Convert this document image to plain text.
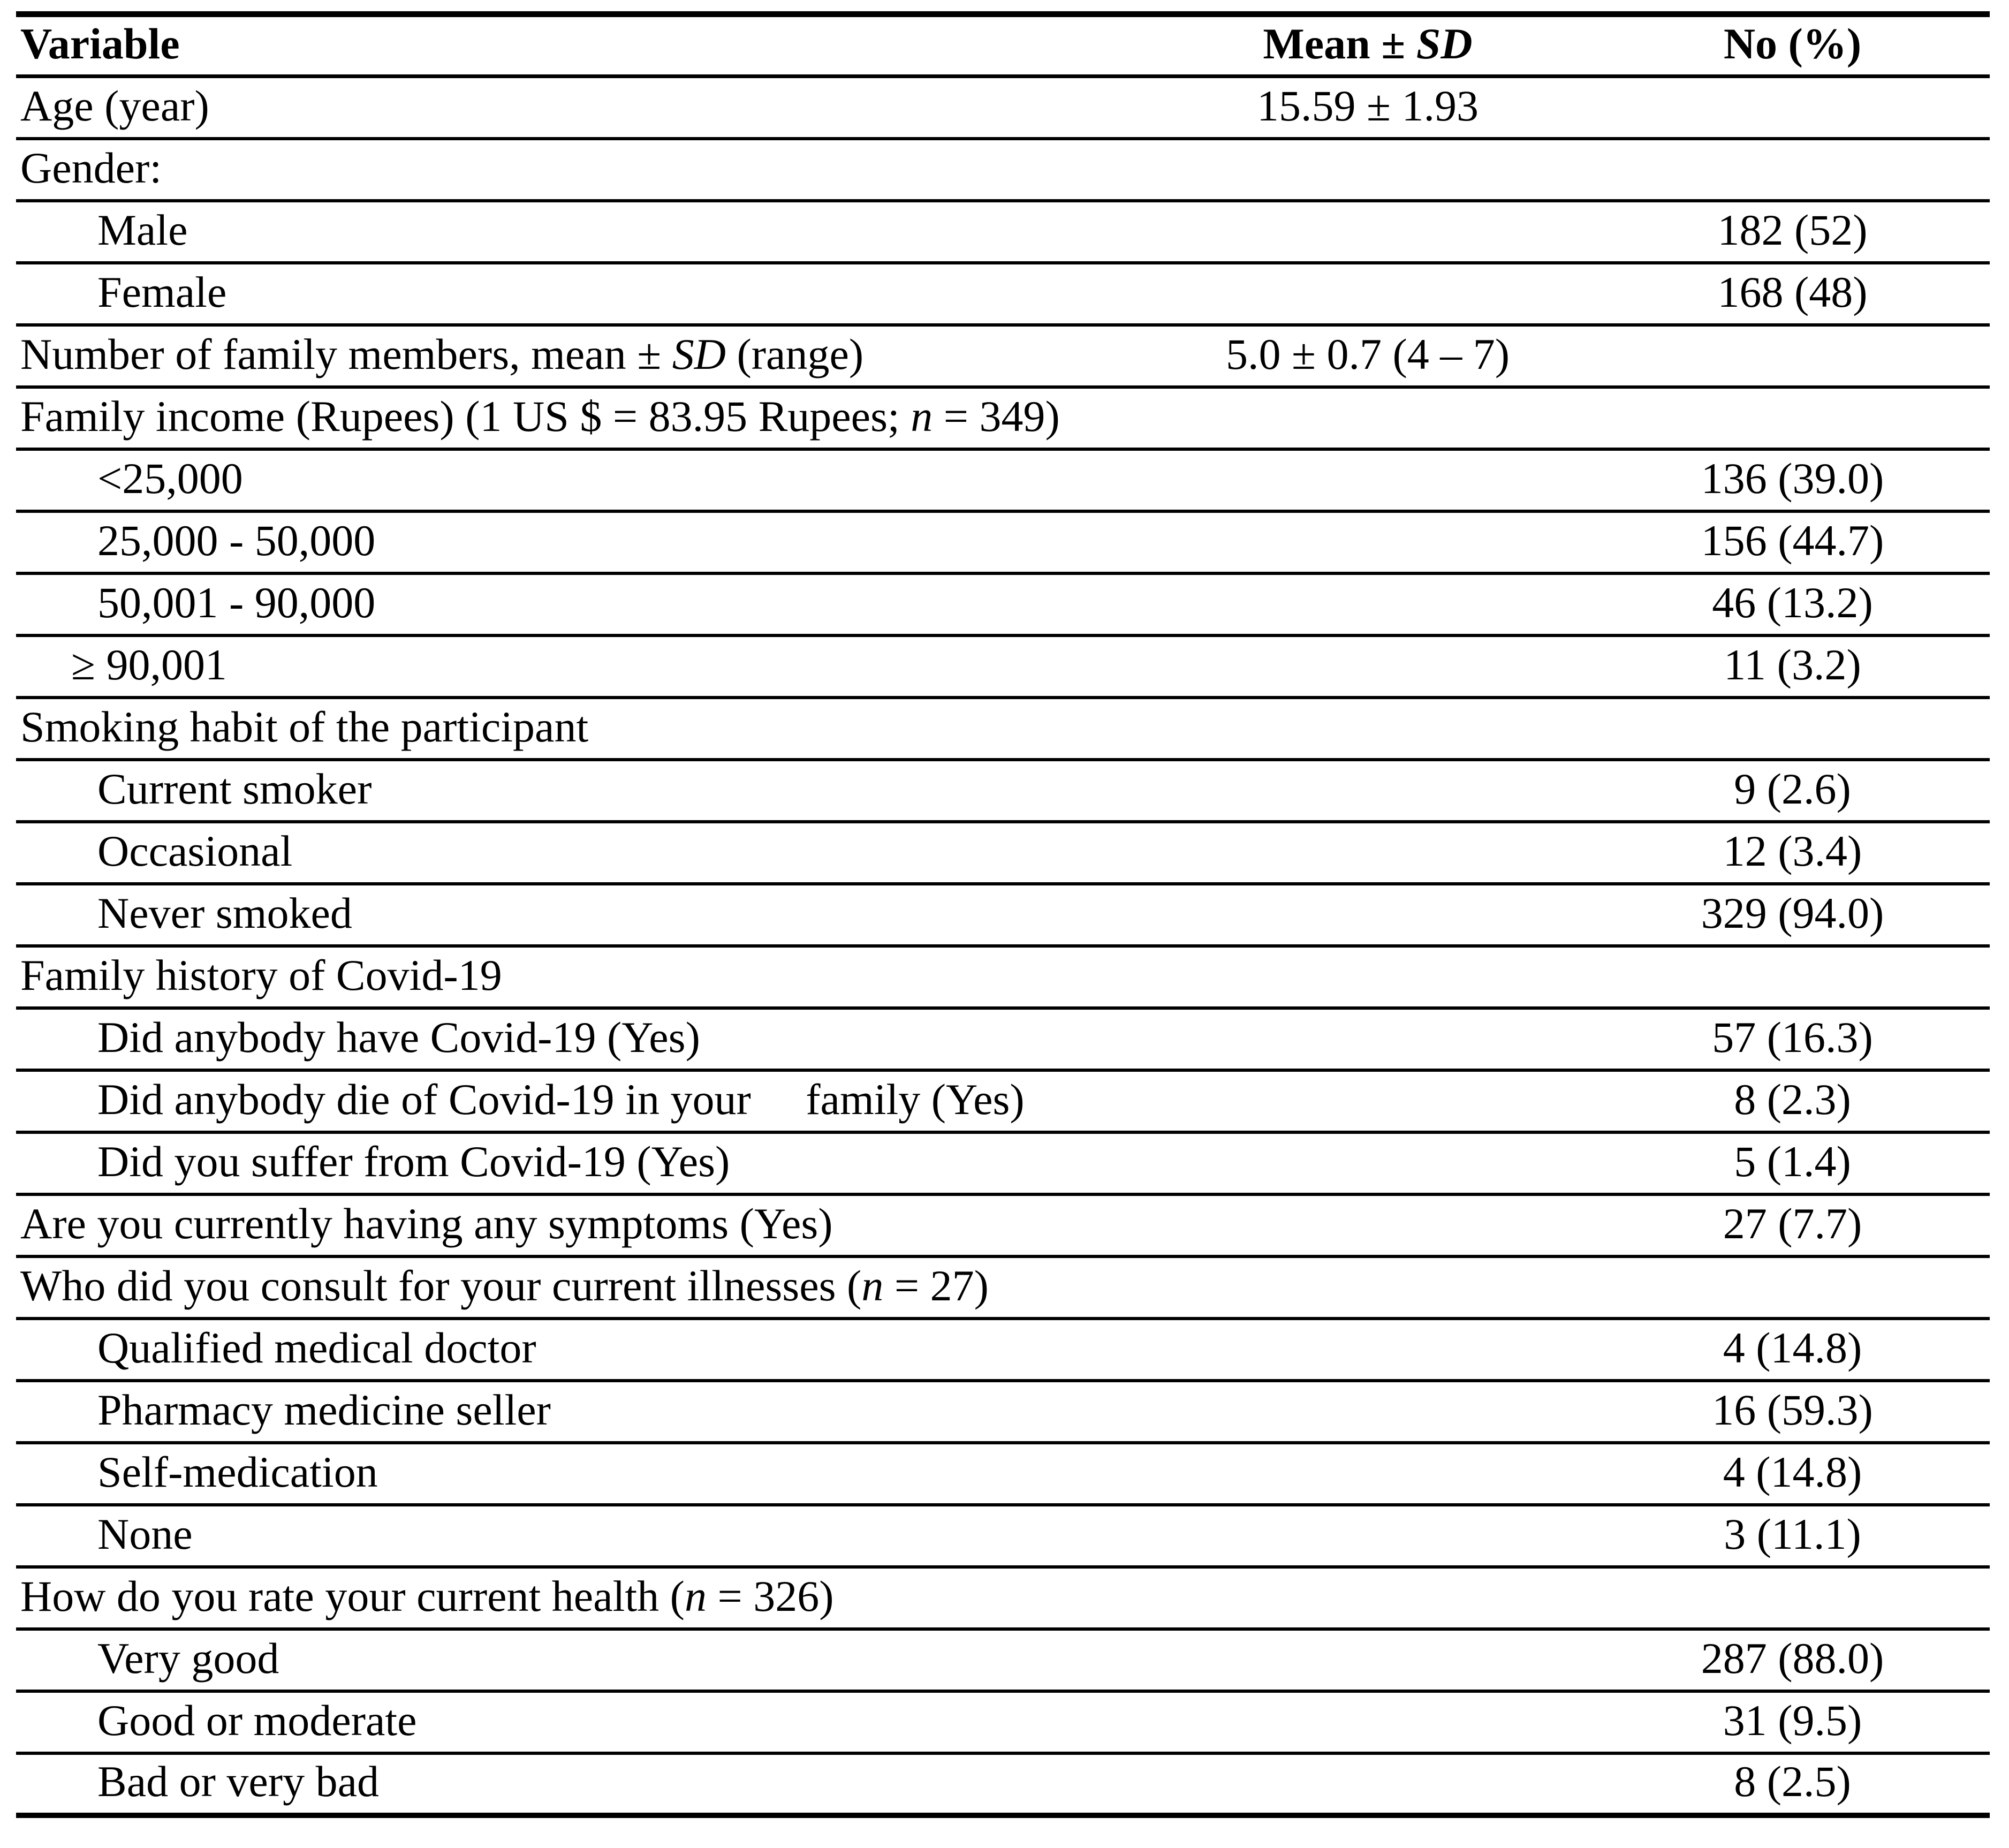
Variable	Mean ± SD	No (%)
Age (year)	15.59 ± 1.93	
Gender:		
Male		182 (52)
Female		168 (48)
Number of family members, mean ± SD (range)	5.0 ± 0.7 (4 – 7)	
Family income (Rupees) (1 US $ = 83.95 Rupees; n = 349)		
<25,000		136 (39.0)
25,000 - 50,000		156 (44.7)
50,001 - 90,000		46 (13.2)
≥ 90,001		11 (3.2)
Smoking habit of the participant		
Current smoker		9 (2.6)
Occasional		12 (3.4)
Never smoked		329 (94.0)
Family history of Covid-19		
Did anybody have Covid-19 (Yes)		57 (16.3)
Did anybody die of Covid-19 in your     family (Yes)		8 (2.3)
Did you suffer from Covid-19 (Yes)		5 (1.4)
Are you currently having any symptoms (Yes)		27 (7.7)
Who did you consult for your current illnesses (n = 27)		
Qualified medical doctor		4 (14.8)
Pharmacy medicine seller		16 (59.3)
Self-medication		4 (14.8)
None		3 (11.1)
How do you rate your current health (n = 326)		
Very good		287 (88.0)
Good or moderate		31 (9.5)
Bad or very bad		8 (2.5)
